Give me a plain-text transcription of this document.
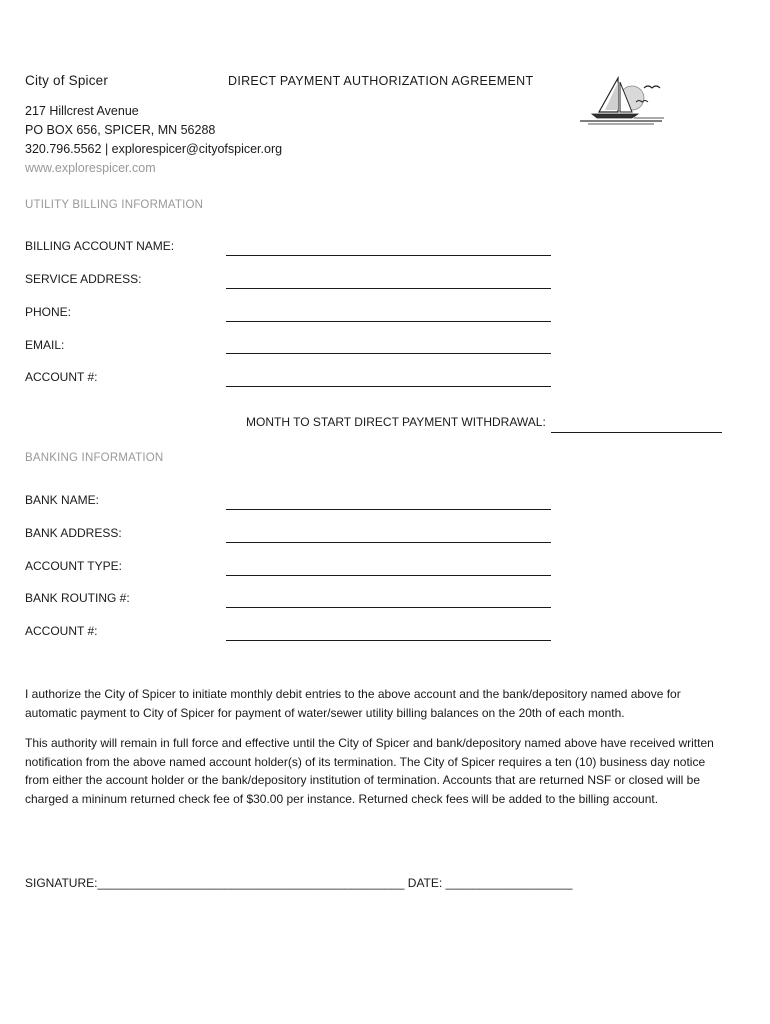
City of Spicer	DIRECT PAYMENT AUTHORIZATION AGREEMENT
217 Hillcrest Avenue
PO BOX 656, SPICER, MN 56288
320.796.5562 | explorespicer@cityofspicer.org
www.explorespicer.com
UTILITY BILLING INFORMATION
BILLING ACCOUNT NAME:
SERVICE ADDRESS:
PHONE:
EMAIL:
ACCOUNT #:
MONTH TO START DIRECT PAYMENT WITHDRAWAL:
BANKING INFORMATION
BANK NAME:
BANK ADDRESS:
ACCOUNT TYPE:
BANK ROUTING #:
ACCOUNT #:

I authorize the City of Spicer to initiate monthly debit entries to the above account and the bank/depository named above for automatic payment to City of Spicer for payment of water/sewer utility billing balances on the 20th of each month.

This authority will remain in full force and effective until the City of Spicer and bank/depository named above have received written notification from the above named account holder(s) of its termination. The City of Spicer requires a ten (10) business day notice from either the account holder or the bank/depository institution of termination. Accounts that are returned NSF or closed will be charged a mininum returned check fee of $30.00 per instance. Returned check fees will be added to the billing account.

SIGNATURE:______________________________________________ DATE: ___________________
